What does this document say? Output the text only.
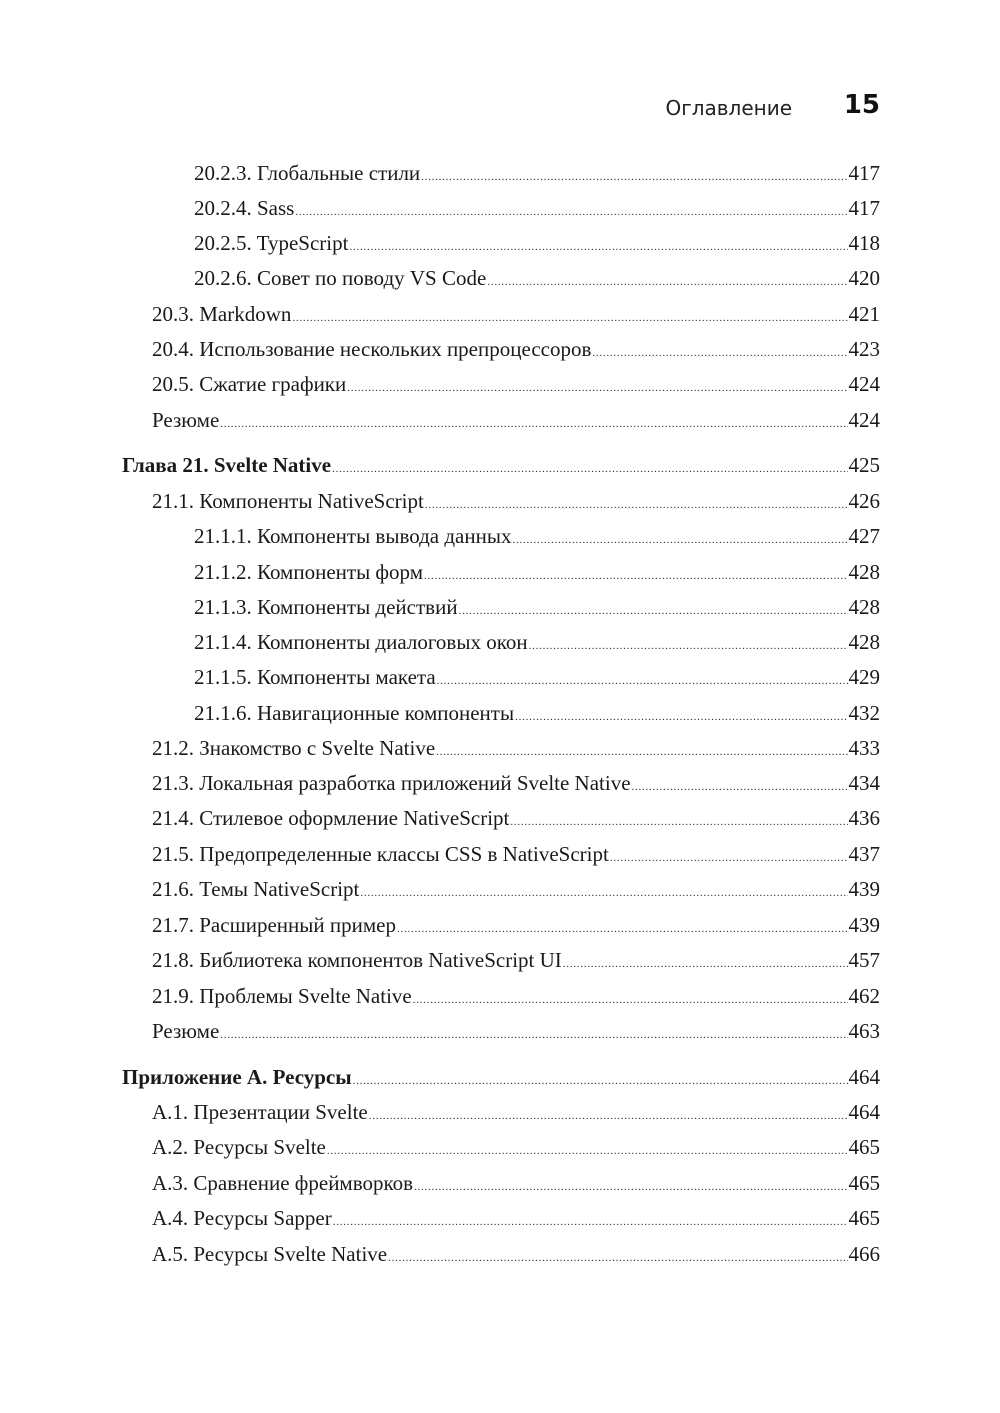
Оглавление 15
20.2.3. Глобальные стили . . .	417
20.2.4. Sass . . .	417
20.2.5. TypeScript . . .	418
20.2.6. Совет по поводу VS Code . . .	420
20.3. Markdown . . .	421
20.4. Использование нескольких препроцессоров . . .	423
20.5. Сжатие графики . . .	424
Резюме . . .	424
Глава 21. Svelte Native . . .	425
21.1. Компоненты NativeScript . . .	426
21.1.1. Компоненты вывода данных . . .	427
21.1.2. Компоненты форм . . .	428
21.1.3. Компоненты действий . . .	428
21.1.4. Компоненты диалоговых окон . . .	428
21.1.5. Компоненты макета . . .	429
21.1.6. Навигационные компоненты . . .	432
21.2. Знакомство с Svelte Native . . .	433
21.3. Локальная разработка приложений Svelte Native . . .	434
21.4. Стилевое оформление NativeScript . . .	436
21.5. Предопределенные классы CSS в NativeScript . . .	437
21.6. Темы NativeScript . . .	439
21.7. Расширенный пример . . .	439
21.8. Библиотека компонентов NativeScript UI . . .	457
21.9. Проблемы Svelte Native . . .	462
Резюме . . .	463
Приложение А. Ресурсы . . .	464
А.1. Презентации Svelte . . .	464
А.2. Ресурсы Svelte . . .	465
А.3. Сравнение фреймворков . . .	465
А.4. Ресурсы Sapper . . .	465
А.5. Ресурсы Svelte Native . . .	466
